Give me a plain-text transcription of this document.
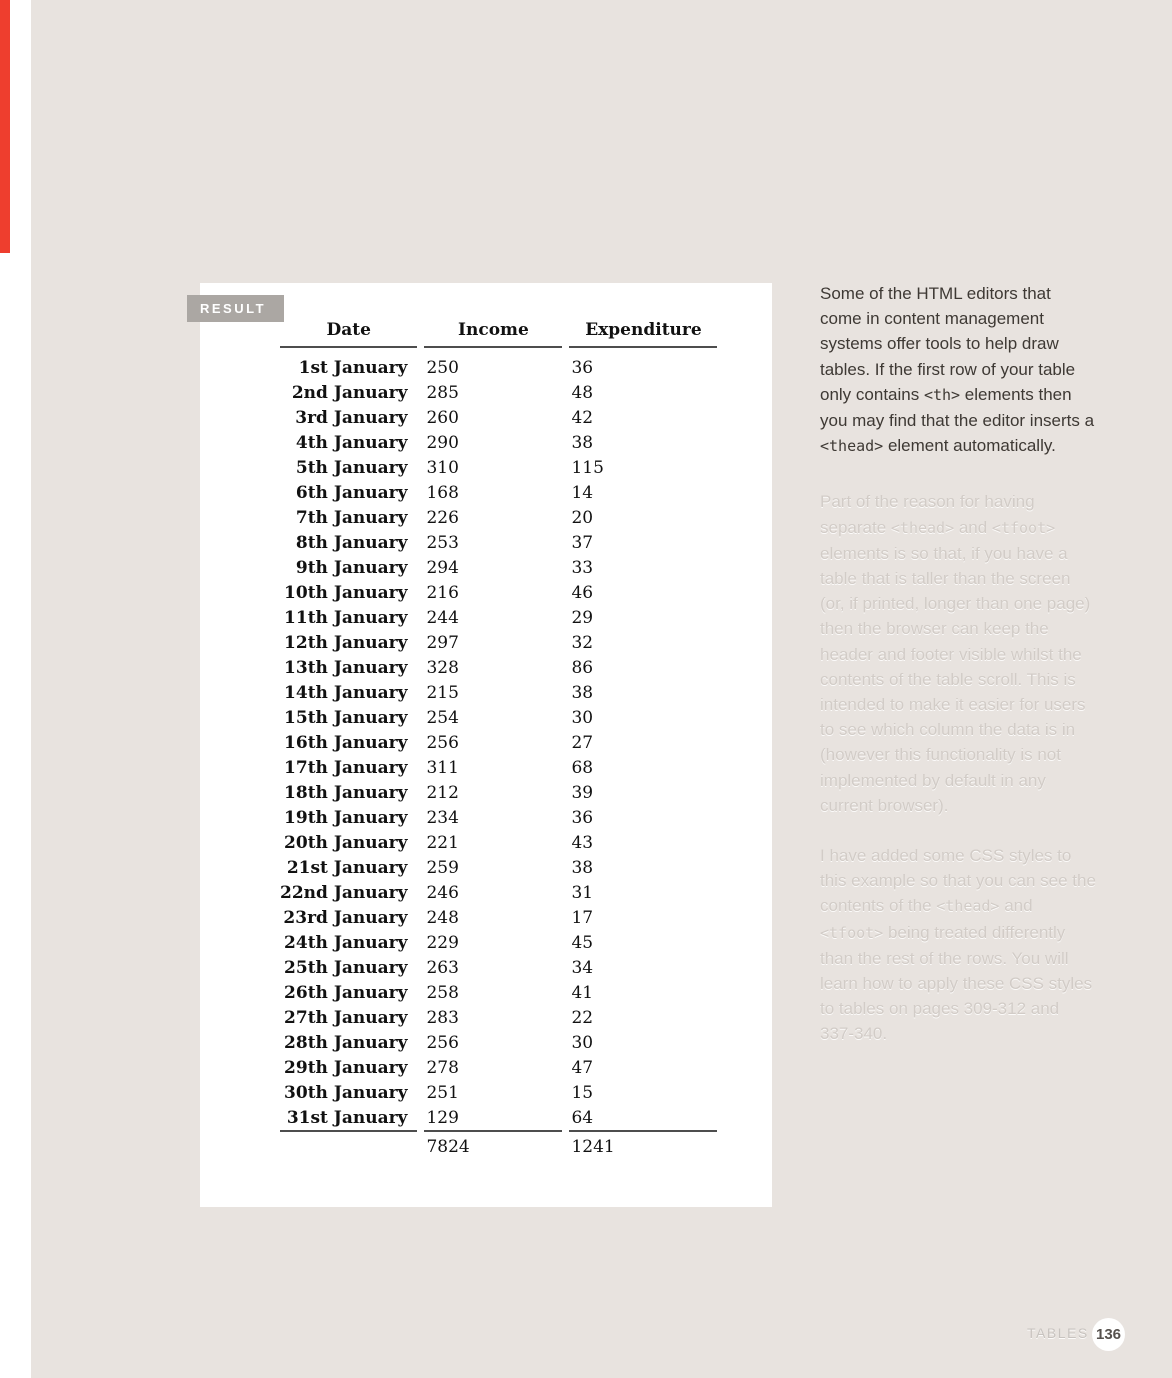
RESULT
Date	Income	Expenditure
1st January	250	36
2nd January	285	48
3rd January	260	42
4th January	290	38
5th January	310	115
6th January	168	14
7th January	226	20
8th January	253	37
9th January	294	33
10th January	216	46
11th January	244	29
12th January	297	32
13th January	328	86
14th January	215	38
15th January	254	30
16th January	256	27
17th January	311	68
18th January	212	39
19th January	234	36
20th January	221	43
21st January	259	38
22nd January	246	31
23rd January	248	17
24th January	229	45
25th January	263	34
26th January	258	41
27th January	283	22
28th January	256	30
29th January	278	47
30th January	251	15
31st January	129	64
	7824	1241

Some of the HTML editors that come in content management systems offer tools to help draw tables. If the first row of your table only contains <th> elements then you may find that the editor inserts a <thead> element automatically.

Part of the reason for having separate <thead> and <tfoot> elements is so that, if you have a table that is taller than the screen (or, if printed, longer than one page) then the browser can keep the header and footer visible whilst the contents of the table scroll. This is intended to make it easier for users to see which column the data is in (however this functionality is not implemented by default in any current browser).

I have added some CSS styles to this example so that you can see the contents of the <thead> and <tfoot> being treated differently than the rest of the rows. You will learn how to apply these CSS styles to tables on pages 309-312 and 337-340.

TABLES 136
